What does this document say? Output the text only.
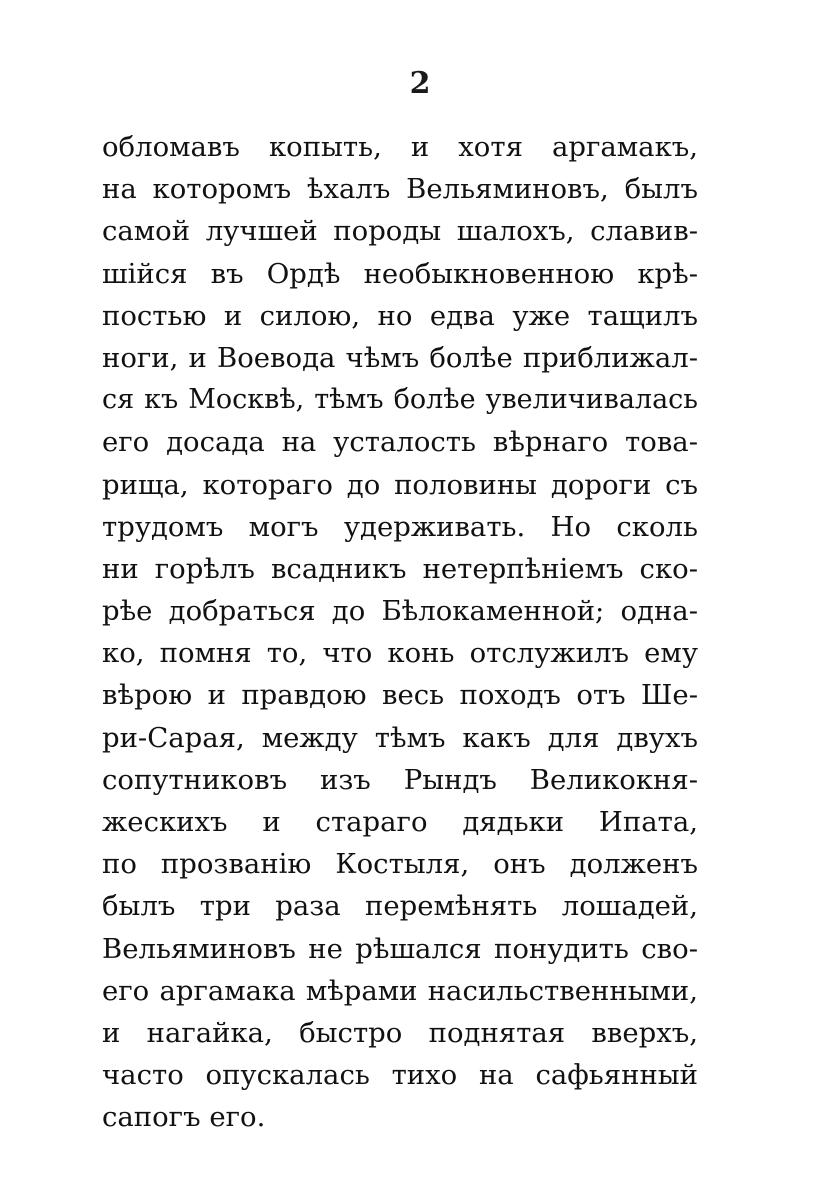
2
обломавъ копыть, и хотя аргамакъ,
на которомъ ѣхалъ Вельяминовъ, былъ
самой лучшей породы шалохъ, славив-
шійся въ Ордѣ необыкновенною крѣ-
постью и силою, но едва уже тащилъ
ноги, и Воевода чѣмъ болѣе приближал-
ся къ Москвѣ, тѣмъ болѣе увеличивалась
его досада на усталость вѣрнаго това-
рища, котораго до половины дороги съ
трудомъ могъ удерживать. Но сколь
ни горѣлъ всадникъ нетерпѣніемъ ско-
рѣе добраться до Бѣлокаменной; одна-
ко, помня то, что конь отслужилъ ему
вѣрою и правдою весь походъ отъ Ше-
ри-Сарая, между тѣмъ какъ для двухъ
сопутниковъ изъ Рындъ Великокня-
жескихъ и стараго дядьки Ипата,
по прозванію Костыля, онъ долженъ
былъ три раза перемѣнять лошадей,
Вельяминовъ не рѣшался понудить сво-
его аргамака мѣрами насильственными,
и нагайка, быстро поднятая вверхъ,
часто опускалась тихо на сафьянный
сапогъ его.
